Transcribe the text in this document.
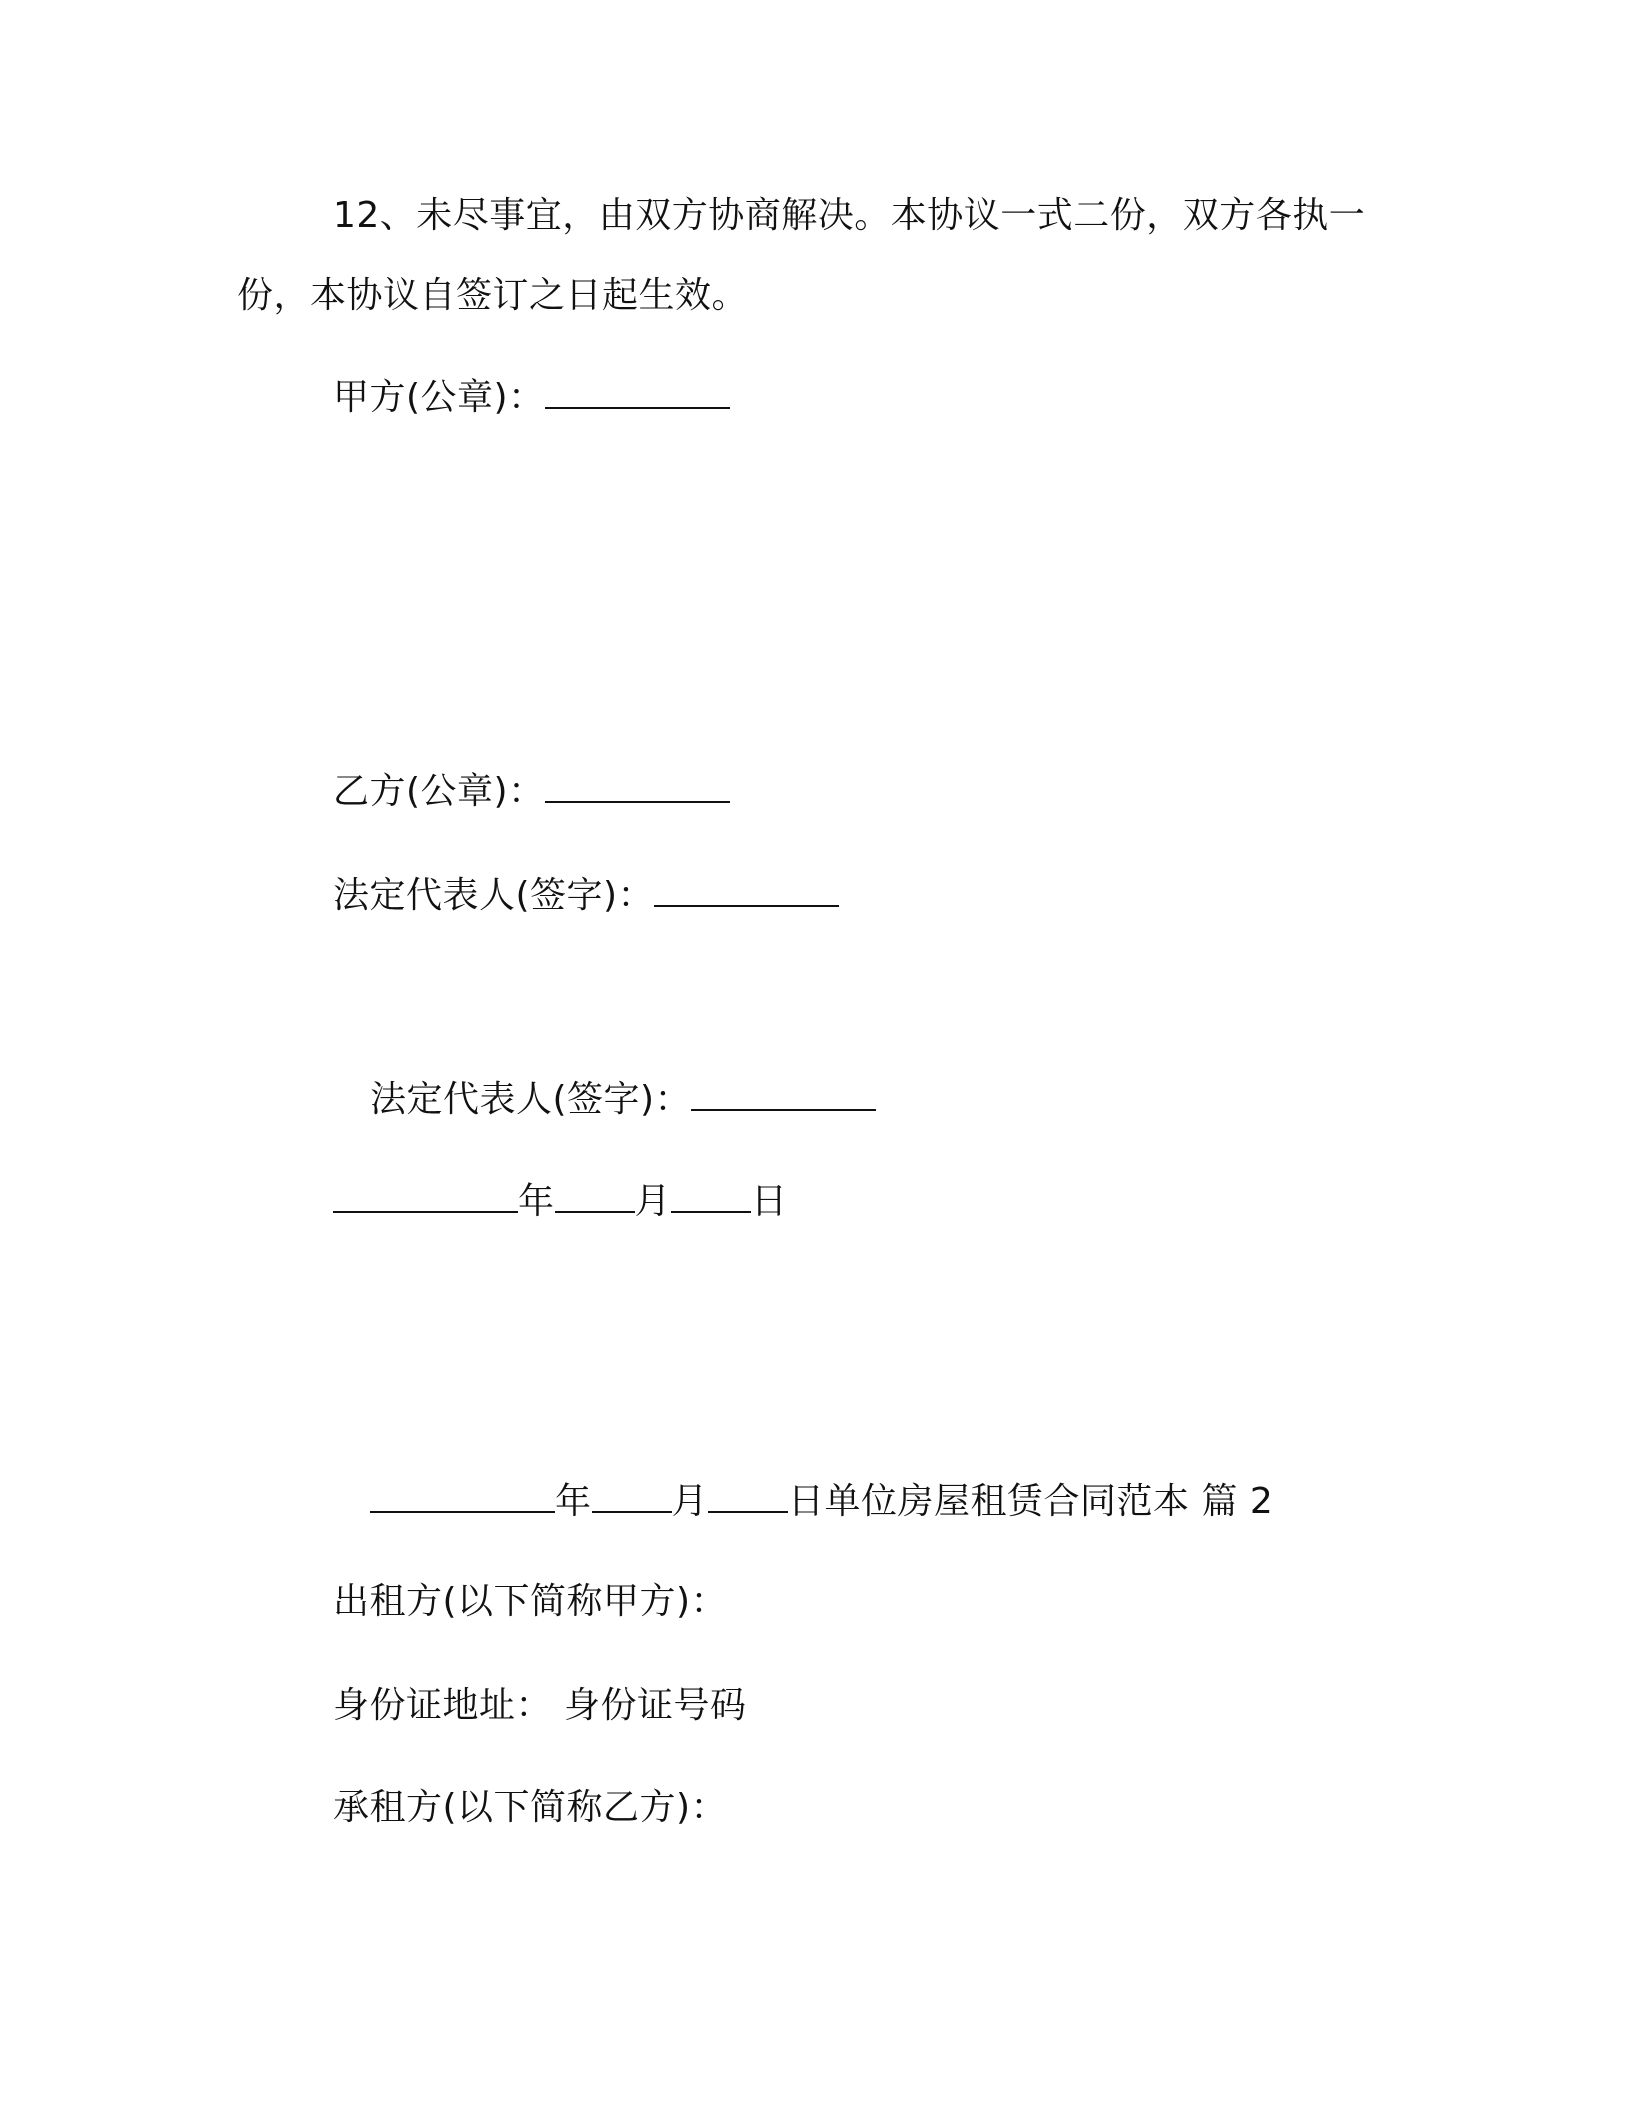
12、未尽事宜，由双方协商解决。本协议一式二份，双方各执一
份，本协议自签订之日起生效。
甲方(公章)：
乙方(公章)：
法定代表人(签字)：
法定代表人(签字)：
年 月 日
年 月 日单位房屋租赁合同范本 篇 2
出租方(以下简称甲方)：
身份证地址： 身份证号码
承租方(以下简称乙方)：
